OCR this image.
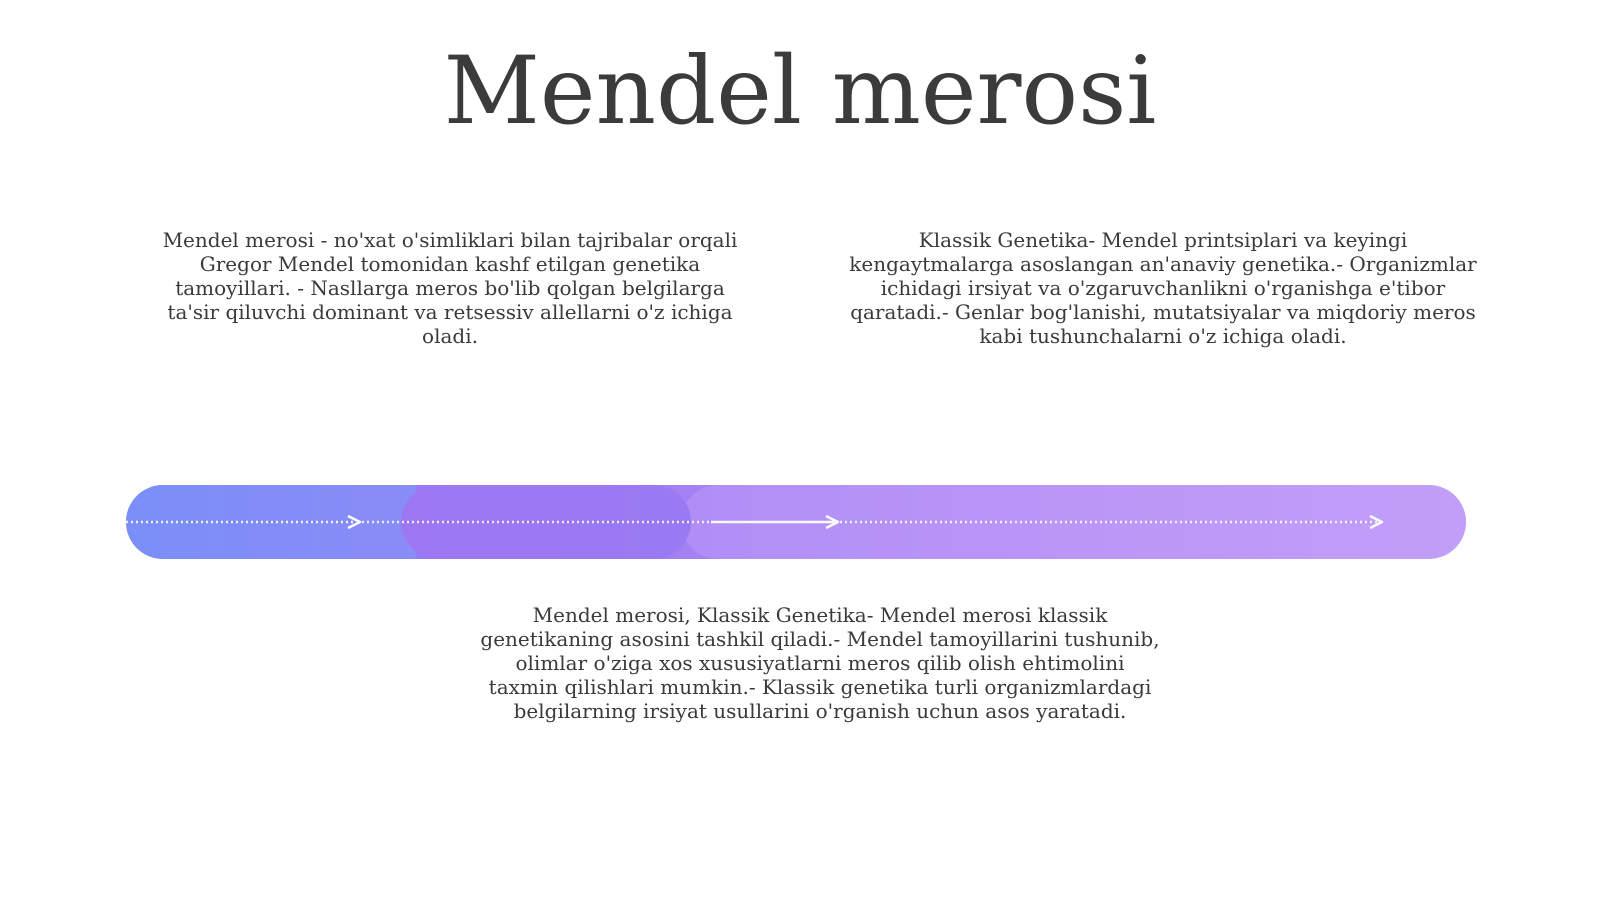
Mendel merosi

Mendel merosi - no'xat o'simliklari bilan tajribalar orqali Gregor Mendel tomonidan kashf etilgan genetika tamoyillari. - Nasllarga meros bo'lib qolgan belgilarga ta'sir qiluvchi dominant va retsessiv allellarni o'z ichiga oladi.

Klassik Genetika- Mendel printsiplari va keyingi kengaytmalarga asoslangan an'anaviy genetika.- Organizmlar ichidagi irsiyat va o'zgaruvchanlikni o'rganishga e'tibor qaratadi.- Genlar bog'lanishi, mutatsiyalar va miqdoriy meros kabi tushunchalarni o'z ichiga oladi.

Mendel merosi, Klassik Genetika- Mendel merosi klassik genetikaning asosini tashkil qiladi.- Mendel tamoyillarini tushunib, olimlar o'ziga xos xususiyatlarni meros qilib olish ehtimolini taxmin qilishlari mumkin.- Klassik genetika turli organizmlardagi belgilarning irsiyat usullarini o'rganish uchun asos yaratadi.
